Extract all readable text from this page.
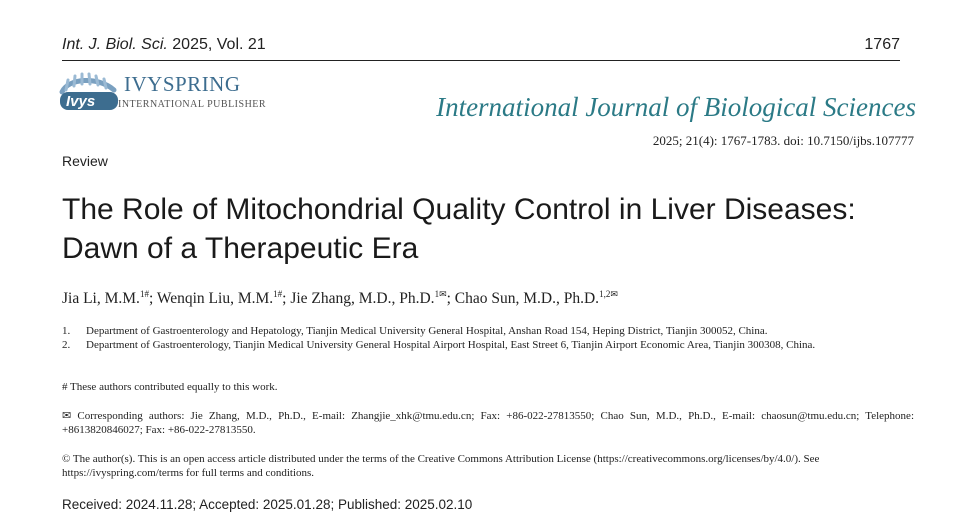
Int. J. Biol. Sci. 2025, Vol. 21	1767
Ivys
IVYSPRING
INTERNATIONAL PUBLISHER	International Journal of Biological Sciences
2025; 21(4): 1767-1783. doi: 10.7150/ijbs.107777
Review
The Role of Mitochondrial Quality Control in Liver Diseases: Dawn of a Therapeutic Era
Jia Li, M.M.$^{1\#}$; Wenqin Liu, M.M.$^{1\#}$; Jie Zhang, M.D., Ph.D.$^{1✉}$; Chao Sun, M.D., Ph.D.$^{1,2✉}$
1.	Department of Gastroenterology and Hepatology, Tianjin Medical University General Hospital, Anshan Road 154, Heping District, Tianjin 300052, China.
2.	Department of Gastroenterology, Tianjin Medical University General Hospital Airport Hospital, East Street 6, Tianjin Airport Economic Area, Tianjin 300308, China.
# These authors contributed equally to this work.
✉ Corresponding authors: Jie Zhang, M.D., Ph.D., E-mail: Zhangjie_xhk@tmu.edu.cn; Fax: +86-022-27813550; Chao Sun, M.D., Ph.D., E-mail: chaosun@tmu.edu.cn; Telephone: +8613820846027; Fax: +86-022-27813550.
© The author(s). This is an open access article distributed under the terms of the Creative Commons Attribution License (https://creativecommons.org/licenses/by/4.0/). See https://ivyspring.com/terms for full terms and conditions.
Received: 2024.11.28; Accepted: 2025.01.28; Published: 2025.02.10
